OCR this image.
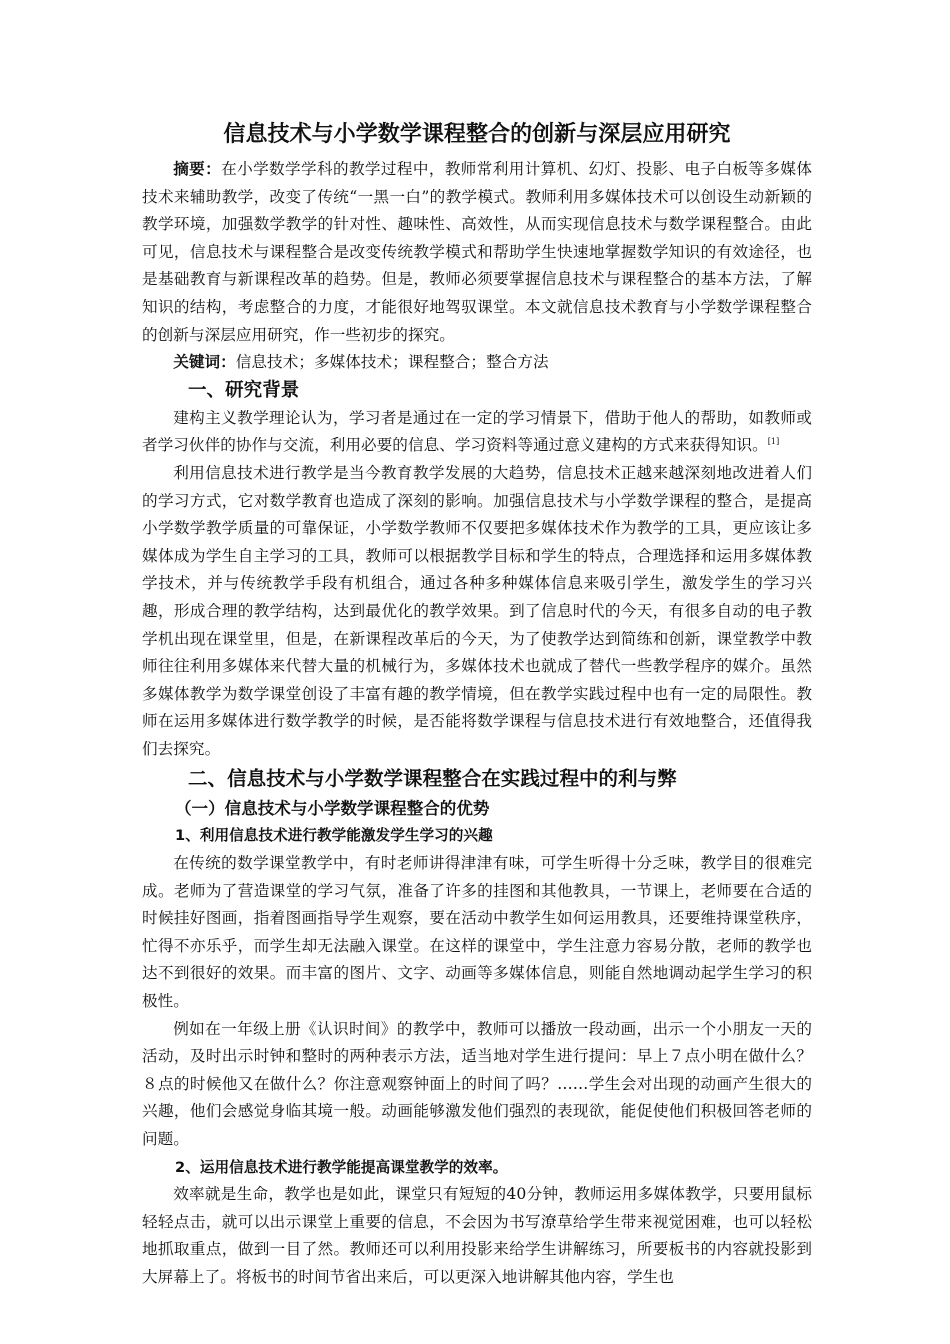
信息技术与小学数学课程整合的创新与深层应用研究

摘要：在小学数学学科的教学过程中，教师常利用计算机、幻灯、投影、电子白板等多媒体技术来辅助教学，改变了传统“一黑一白”的教学模式。教师利用多媒体技术可以创设生动新颖的教学环境，加强数学教学的针对性、趣味性、高效性，从而实现信息技术与数学课程整合。由此可见，信息技术与课程整合是改变传统教学模式和帮助学生快速地掌握数学知识的有效途径，也是基础教育与新课程改革的趋势。但是，教师必须要掌握信息技术与课程整合的基本方法，了解知识的结构，考虑整合的力度，才能很好地驾驭课堂。本文就信息技术教育与小学数学课程整合的创新与深层应用研究，作一些初步的探究。

关键词：信息技术；多媒体技术；课程整合；整合方法

一、研究背景

建构主义教学理论认为，学习者是通过在一定的学习情景下，借助于他人的帮助，如教师或者学习伙伴的协作与交流，利用必要的信息、学习资料等通过意义建构的方式来获得知识。[1]

利用信息技术进行教学是当今教育教学发展的大趋势，信息技术正越来越深刻地改进着人们的学习方式，它对数学教育也造成了深刻的影响。加强信息技术与小学数学课程的整合，是提高小学数学教学质量的可靠保证，小学数学教师不仅要把多媒体技术作为教学的工具，更应该让多媒体成为学生自主学习的工具，教师可以根据教学目标和学生的特点，合理选择和运用多媒体教学技术，并与传统教学手段有机组合，通过各种多种媒体信息来吸引学生，激发学生的学习兴趣，形成合理的教学结构，达到最优化的教学效果。到了信息时代的今天，有很多自动的电子教学机出现在课堂里，但是，在新课程改革后的今天，为了使教学达到简练和创新，课堂教学中教师往往利用多媒体来代替大量的机械行为，多媒体技术也就成了替代一些教学程序的媒介。虽然多媒体教学为数学课堂创设了丰富有趣的教学情境，但在教学实践过程中也有一定的局限性。教师在运用多媒体进行数学教学的时候，是否能将数学课程与信息技术进行有效地整合，还值得我们去探究。

二、信息技术与小学数学课程整合在实践过程中的利与弊
（一）信息技术与小学数学课程整合的优势
1、利用信息技术进行教学能激发学生学习的兴趣

在传统的数学课堂教学中，有时老师讲得津津有味，可学生听得十分乏味，教学目的很难完成。老师为了营造课堂的学习气氛，准备了许多的挂图和其他教具，一节课上，老师要在合适的时候挂好图画，指着图画指导学生观察，要在活动中教学生如何运用教具，还要维持课堂秩序，忙得不亦乐乎，而学生却无法融入课堂。在这样的课堂中，学生注意力容易分散，老师的教学也达不到很好的效果。而丰富的图片、文字、动画等多媒体信息，则能自然地调动起学生学习的积极性。

例如在一年级上册《认识时间》的教学中，教师可以播放一段动画，出示一个小朋友一天的活动，及时出示时钟和整时的两种表示方法，适当地对学生进行提问：早上７点小明在做什么？８点的时候他又在做什么？你注意观察钟面上的时间了吗？……学生会对出现的动画产生很大的兴趣，他们会感觉身临其境一般。动画能够激发他们强烈的表现欲，能促使他们积极回答老师的问题。

2、运用信息技术进行教学能提高课堂教学的效率。

效率就是生命，教学也是如此，课堂只有短短的40分钟，教师运用多媒体教学，只要用鼠标轻轻点击，就可以出示课堂上重要的信息，不会因为书写潦草给学生带来视觉困难，也可以轻松地抓取重点，做到一目了然。教师还可以利用投影来给学生讲解练习，所要板书的内容就投影到大屏幕上了。将板书的时间节省出来后，可以更深入地讲解其他内容，学生也
